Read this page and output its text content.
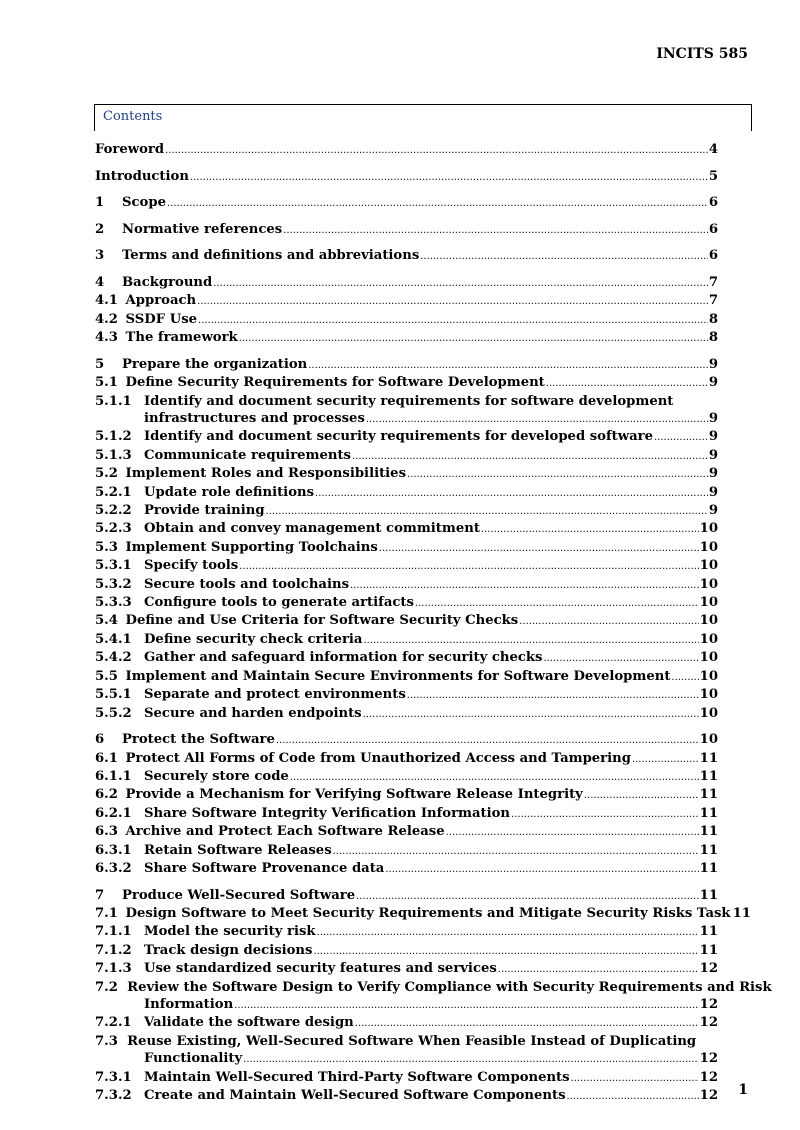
INCITS 585
Contents
Foreword .....	4
Introduction .....	5
1	Scope .....	6
2	Normative references .....	6
3	Terms and definitions and abbreviations .....	6
4	Background .....	7
4.1 Approach .....	7
4.2 SSDF Use .....	8
4.3 The framework .....	8
5	Prepare the organization .....	9
5.1 Define Security Requirements for Software Development .....	9
5.1.1 Identify and document security requirements for software development
infrastructures and processes .....	9
5.1.2 Identify and document security requirements for developed software .....	9
5.1.3 Communicate requirements .....	9
5.2 Implement Roles and Responsibilities .....	9
5.2.1 Update role definitions .....	9
5.2.2 Provide training .....	9
5.2.3 Obtain and convey management commitment .....	10
5.3 Implement Supporting Toolchains .....	10
5.3.1 Specify tools .....	10
5.3.2 Secure tools and toolchains .....	10
5.3.3 Configure tools to generate artifacts .....	10
5.4 Define and Use Criteria for Software Security Checks .....	10
5.4.1 Define security check criteria .....	10
5.4.2 Gather and safeguard information for security checks .....	10
5.5 Implement and Maintain Secure Environments for Software Development ..... 10
5.5.1 Separate and protect environments .....	10
5.5.2 Secure and harden endpoints .....	10
6	Protect the Software .....	10
6.1 Protect All Forms of Code from Unauthorized Access and Tampering .....	11
6.1.1 Securely store code .....	11
6.2 Provide a Mechanism for Verifying Software Release Integrity .....	11
6.2.1 Share Software Integrity Verification Information .....	11
6.3 Archive and Protect Each Software Release .....	11
6.3.1 Retain Software Releases .....	11
6.3.2 Share Software Provenance data .....	11
7	Produce Well-Secured Software .....	11
7.1 Design Software to Meet Security Requirements and Mitigate Security Risks Task 11
7.1.1 Model the security risk .....	11
7.1.2 Track design decisions .....	11
7.1.3 Use standardized security features and services .....	12
7.2  Review the Software Design to Verify Compliance with Security Requirements and Risk
Information .....	12
7.2.1 Validate the software design .....	12
7.3  Reuse Existing, Well-Secured Software When Feasible Instead of Duplicating
Functionality .....	12
7.3.1 Maintain Well-Secured Third-Party Software Components .....	12
7.3.2 Create and Maintain Well-Secured Software Components .....	12 1
